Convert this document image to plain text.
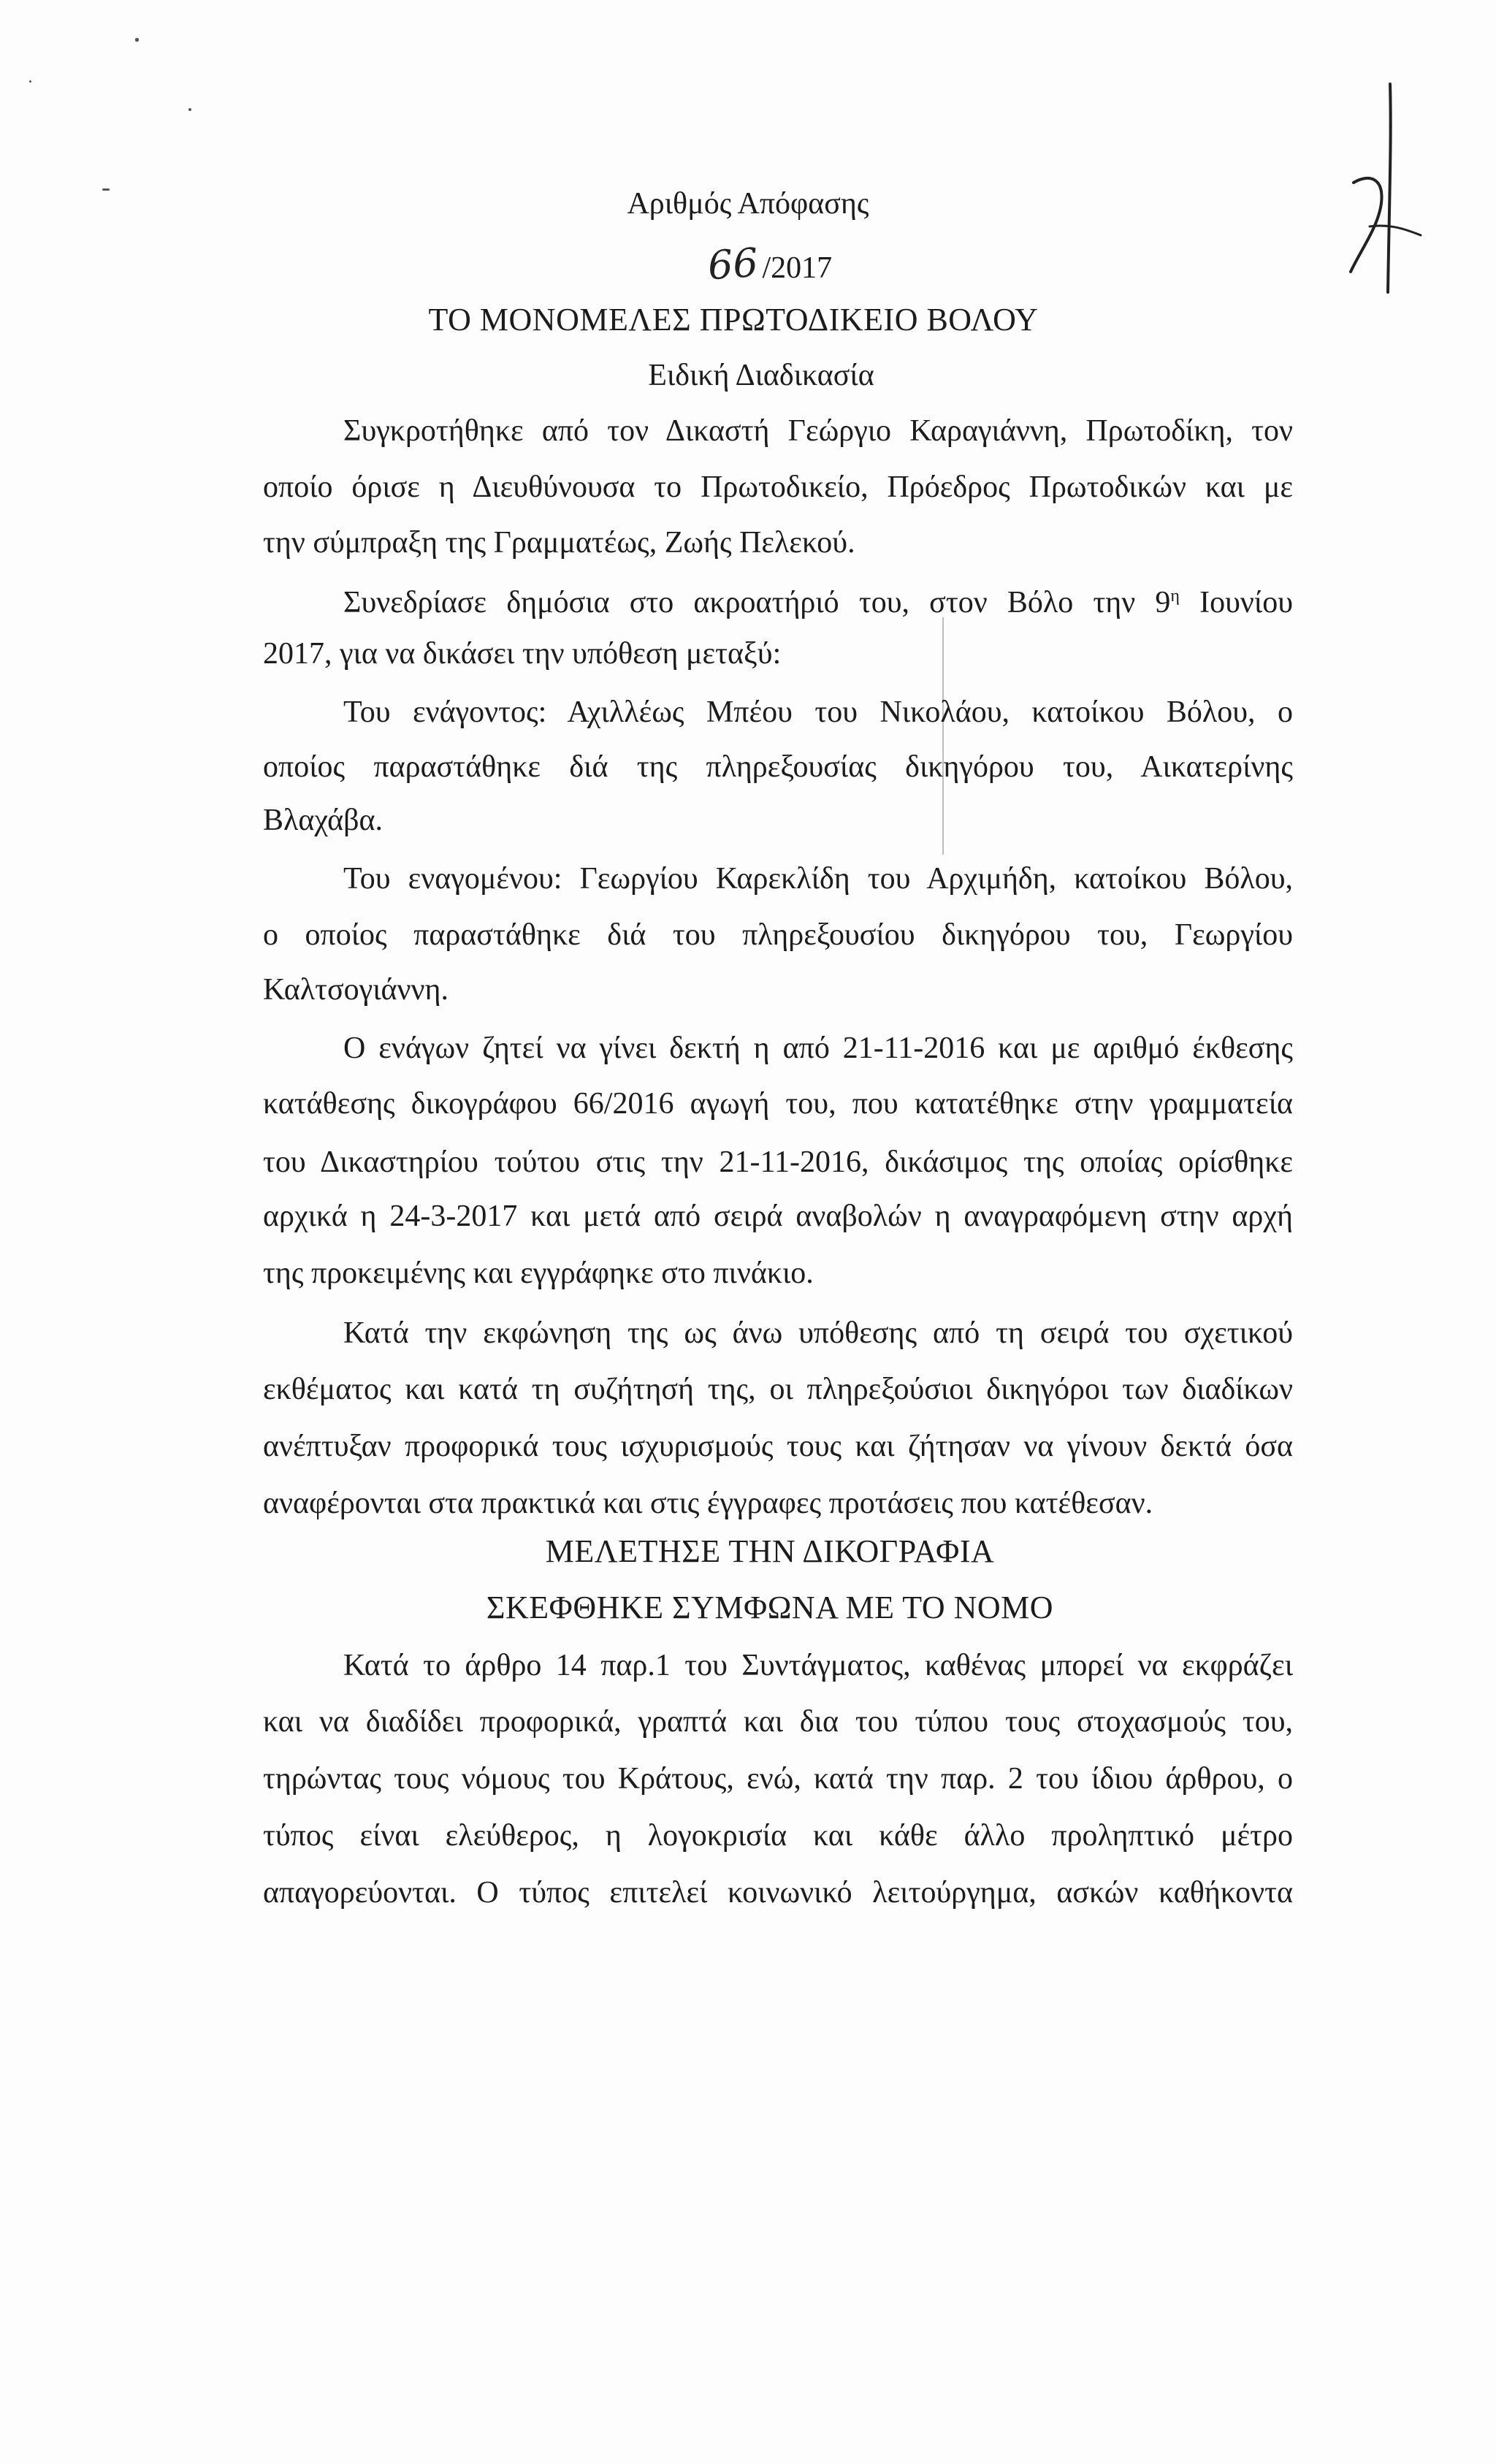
Αριθμός Απόφασης
66/2017
ΤΟ ΜΟΝΟΜΕΛΕΣ ΠΡΩΤΟΔΙΚΕΙΟ ΒΟΛΟΥ
Ειδική Διαδικασία
Συγκροτήθηκε από τον Δικαστή Γεώργιο Καραγιάννη, Πρωτοδίκη, τον
οποίο όρισε η Διευθύνουσα το Πρωτοδικείο, Πρόεδρος Πρωτοδικών και με
την σύμπραξη της Γραμματέως, Ζωής Πελεκού.
Συνεδρίασε δημόσια στο ακροατήριό του, στον Βόλο την $9^\eta$ Ιουνίου
2017, για να δικάσει την υπόθεση μεταξύ:
Του ενάγοντος: Αχιλλέως Μπέου του Νικολάου, κατοίκου Βόλου, ο
οποίος παραστάθηκε διά της πληρεξουσίας δικηγόρου του, Αικατερίνης
Βλαχάβα.
Του εναγομένου: Γεωργίου Καρεκλίδη του Αρχιμήδη, κατοίκου Βόλου,
ο οποίος παραστάθηκε διά του πληρεξουσίου δικηγόρου του, Γεωργίου
Καλτσογιάννη.
Ο ενάγων ζητεί να γίνει δεκτή η από 21-11-2016 και με αριθμό έκθεσης
κατάθεσης δικογράφου 66/2016 αγωγή του, που κατατέθηκε στην γραμματεία
του Δικαστηρίου τούτου στις την 21-11-2016, δικάσιμος της οποίας ορίσθηκε
αρχικά η 24-3-2017 και μετά από σειρά αναβολών η αναγραφόμενη στην αρχή
της προκειμένης και εγγράφηκε στο πινάκιο.
Κατά την εκφώνηση της ως άνω υπόθεσης από τη σειρά του σχετικού
εκθέματος και κατά τη συζήτησή της, οι πληρεξούσιοι δικηγόροι των διαδίκων
ανέπτυξαν προφορικά τους ισχυρισμούς τους και ζήτησαν να γίνουν δεκτά όσα
αναφέρονται στα πρακτικά και στις έγγραφες προτάσεις που κατέθεσαν.
ΜΕΛΕΤΗΣΕ ΤΗΝ ΔΙΚΟΓΡΑΦΙΑ
ΣΚΕΦΘΗΚΕ ΣΥΜΦΩΝΑ ΜΕ ΤΟ ΝΟΜΟ
Κατά το άρθρο 14 παρ.1 του Συντάγματος, καθένας μπορεί να εκφράζει
και να διαδίδει προφορικά, γραπτά και δια του τύπου τους στοχασμούς του,
τηρώντας τους νόμους του Κράτους, ενώ, κατά την παρ. 2 του ίδιου άρθρου, ο
τύπος είναι ελεύθερος, η λογοκρισία και κάθε άλλο προληπτικό μέτρο
απαγορεύονται. Ο τύπος επιτελεί κοινωνικό λειτούργημα, ασκών καθήκοντα
